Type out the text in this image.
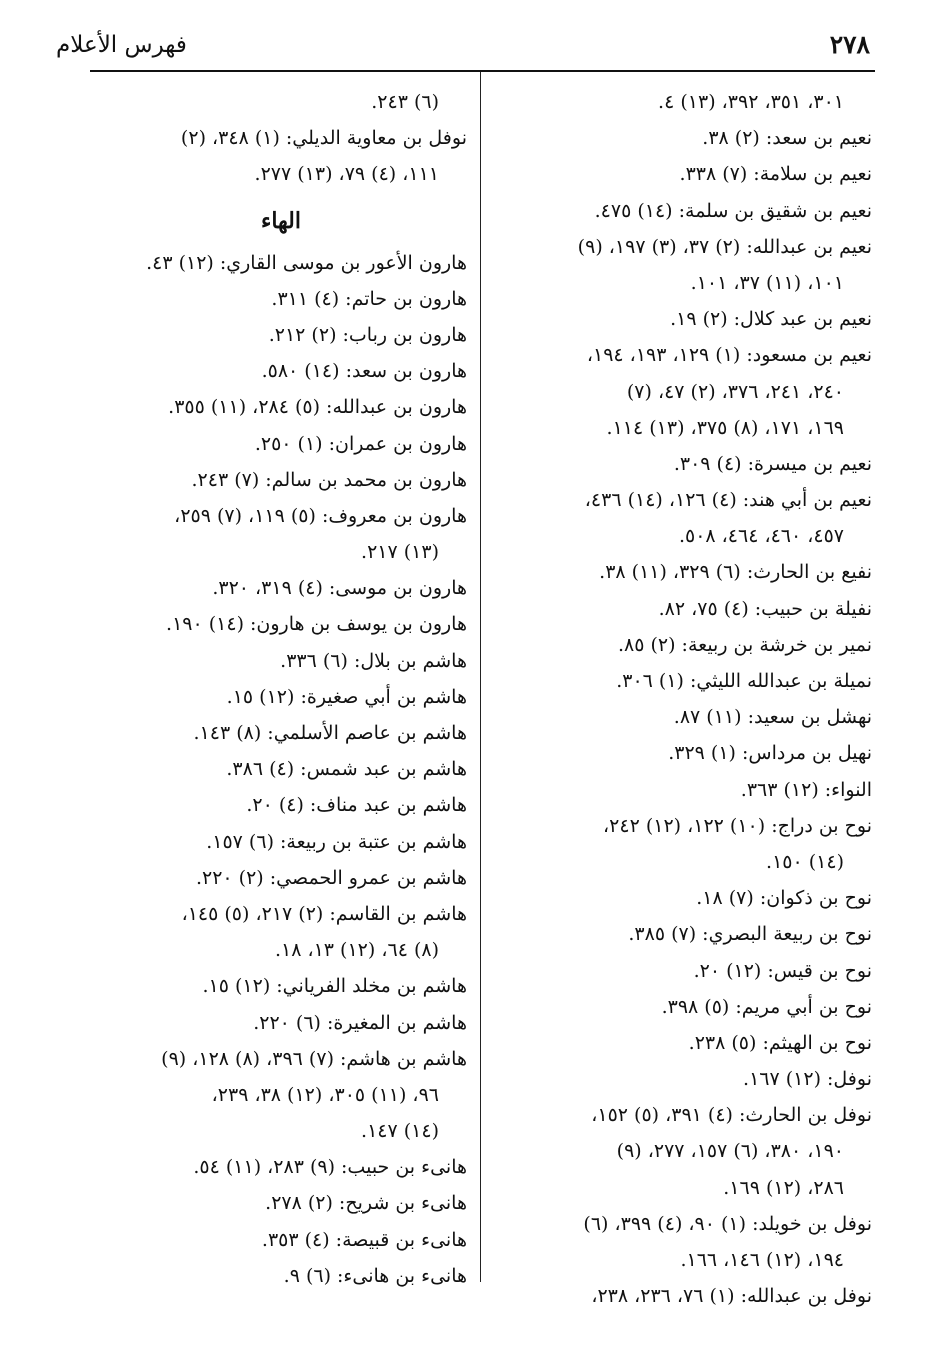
فهرس الأعلام	٢٧٨
٣٠١، ٣٥١، ٣٩٢، (١٣) ٤.
نعيم بن سعد: (٢) ٣٨.
نعيم بن سلامة: (٧) ٣٣٨.
نعيم بن شقيق بن سلمة: (١٤) ٤٧٥.
نعيم بن عبدالله: (٢) ٣٧، (٣) ١٩٧، (٩)
١٠١، (١١) ٣٧، ١٠١.
نعيم بن عبد كلال: (٢) ١٩.
نعيم بن مسعود: (١) ١٢٩، ١٩٣، ١٩٤،
٢٤٠، ٢٤١، ٣٧٦، (٢) ٤٧، (٧)
١٦٩، ١٧١، (٨) ٣٧٥، (١٣) ١١٤.
نعيم بن ميسرة: (٤) ٣٠٩.
نعيم بن أبي هند: (٤) ١٢٦، (١٤) ٤٣٦،
٤٥٧، ٤٦٠، ٤٦٤، ٥٠٨.
نفيع بن الحارث: (٦) ٣٢٩، (١١) ٣٨.
نفيلة بن حبيب: (٤) ٧٥، ٨٢.
نمير بن خرشة بن ربيعة: (٢) ٨٥.
نميلة بن عبدالله الليثي: (١) ٣٠٦.
نهشل بن سعيد: (١١) ٨٧.
نهيل بن مرداس: (١) ٣٢٩.
النواء: (١٢) ٣٦٣.
نوح بن دراج: (١٠) ١٢٢، (١٢) ٢٤٢،
(١٤) ١٥٠.
نوح بن ذكوان: (٧) ١٨.
نوح بن ربيعة البصري: (٧) ٣٨٥.
نوح بن قيس: (١٢) ٢٠.
نوح بن أبي مريم: (٥) ٣٩٨.
نوح بن الهيثم: (٥) ٢٣٨.
نوفل: (١٢) ١٦٧.
نوفل بن الحارث: (٤) ٣٩١، (٥) ١٥٢،
١٩٠، ٣٨٠، (٦) ١٥٧، ٢٧٧، (٩)
٢٨٦، (١٢) ١٦٩.
نوفل بن خويلد: (١) ٩٠، (٤) ٣٩٩، (٦)
١٩٤، (١٢) ١٤٦، ١٦٦.
نوفل بن عبدالله: (١) ٧٦، ٢٣٦، ٢٣٨،
(٦) ٢٤٣.
نوفل بن معاوية الديلي: (١) ٣٤٨، (٢)
١١١، (٤) ٧٩، (١٣) ٢٧٧.
الهاء
هارون الأعور بن موسى القاري: (١٢) ٤٣.
هارون بن حاتم: (٤) ٣١١.
هارون بن رباب: (٢) ٢١٢.
هارون بن سعد: (١٤) ٥٨٠.
هارون بن عبدالله: (٥) ٢٨٤، (١١) ٣٥٥.
هارون بن عمران: (١) ٢٥٠.
هارون بن محمد بن سالم: (٧) ٢٤٣.
هارون بن معروف: (٥) ١١٩، (٧) ٢٥٩،
(١٣) ٢١٧.
هارون بن موسى: (٤) ٣١٩، ٣٢٠.
هارون بن يوسف بن هارون: (١٤) ١٩٠.
هاشم بن بلال: (٦) ٣٣٦.
هاشم بن أبي صغيرة: (١٢) ١٥.
هاشم بن عاصم الأسلمي: (٨) ١٤٣.
هاشم بن عبد شمس: (٤) ٣٨٦.
هاشم بن عبد مناف: (٤) ٢٠.
هاشم بن عتبة بن ربيعة: (٦) ١٥٧.
هاشم بن عمرو الحمصي: (٢) ٢٢٠.
هاشم بن القاسم: (٢) ٢١٧، (٥) ١٤٥،
(٨) ٦٤، (١٢) ١٣، ١٨.
هاشم بن مخلد الفرياني: (١٢) ١٥.
هاشم بن المغيرة: (٦) ٢٢٠.
هاشم بن هاشم: (٧) ٣٩٦، (٨) ١٢٨، (٩)
٩٦، (١١) ٣٠٥، (١٢) ٣٨، ٢٣٩،
(١٤) ١٤٧.
هانىء بن حبيب: (٩) ٢٨٣، (١١) ٥٤.
هانىء بن شريح: (٢) ٢٧٨.
هانىء بن قبيصة: (٤) ٣٥٣.
هانىء بن هانىء: (٦) ٩.
